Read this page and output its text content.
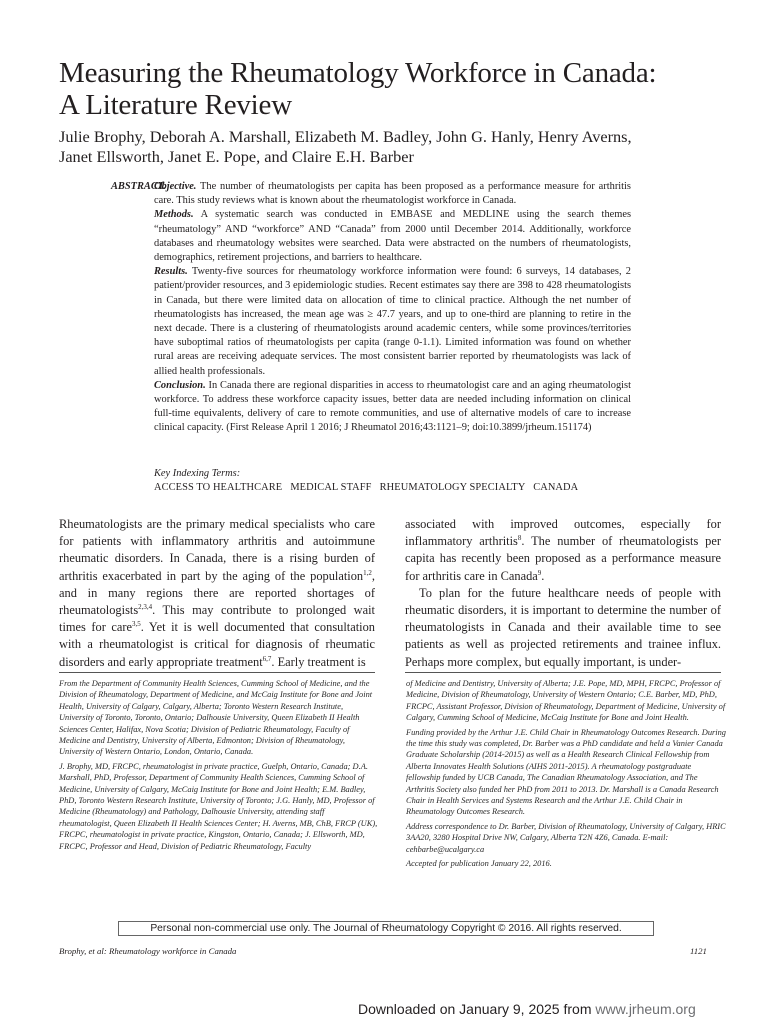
Measuring the Rheumatology Workforce in Canada:
A Literature Review

Julie Brophy, Deborah A. Marshall, Elizabeth M. Badley, John G. Hanly, Henry Averns,
Janet Ellsworth, Janet E. Pope, and Claire E.H. Barber

ABSTRACT.

Objective. The number of rheumatologists per capita has been proposed as a performance measure for arthritis care. This study reviews what is known about the rheumatologist workforce in Canada.

Methods. A systematic search was conducted in EMBASE and MEDLINE using the search themes “rheumatology” AND “workforce” AND “Canada” from 2000 until December 2014. Additionally, workforce databases and rheumatology websites were searched. Data were abstracted on the numbers of rheumatologists, demographics, retirement projections, and barriers to healthcare.

Results. Twenty-five sources for rheumatology workforce information were found: 6 surveys, 14 databases, 2 patient/provider resources, and 3 epidemiologic studies. Recent estimates say there are 398 to 428 rheumatologists in Canada, but there were limited data on allocation of time to clinical practice. Although the net number of rheumatologists has increased, the mean age was ≥ 47.7 years, and up to one-third are planning to retire in the next decade. There is a clustering of rheumatologists around academic centers, while some provinces/territories have suboptimal ratios of rheumatologists per capita (range 0-1.1). Limited information was found on whether rural areas are receiving adequate services. The most consistent barrier reported by rheumatologists was lack of allied health professionals.

Conclusion. In Canada there are regional disparities in access to rheumatologist care and an aging rheumatologist workforce. To address these workforce capacity issues, better data are needed including information on clinical full-time equivalents, delivery of care to remote communities, and use of alternative models of care to increase clinical capacity. (First Release April 1 2016; J Rheumatol 2016;43:1121–9; doi:10.3899/jrheum.151174)

Key Indexing Terms:
ACCESS TO HEALTHCARE   MEDICAL STAFF   RHEUMATOLOGY SPECIALTY   CANADA

Rheumatologists are the primary medical specialists who care for patients with inflammatory arthritis and autoimmune rheumatic disorders. In Canada, there is a rising burden of arthritis exacerbated in part by the aging of the population$^{1,2}$, and in many regions there are reported shortages of rheumatologists$^{2,3,4}$. This may contribute to prolonged wait times for care$^{3,5}$. Yet it is well documented that consultation with a rheumatologist is critical for diagnosis of rheumatic disorders and early appropriate treatment$^{6,7}$. Early treatment is

associated with improved outcomes, especially for inflammatory arthritis$^8$. The number of rheumatologists per capita has recently been proposed as a performance measure for arthritis care in Canada$^9$.

To plan for the future healthcare needs of people with rheumatic disorders, it is important to determine the number of rheumatologists in Canada and their available time to see patients as well as projected retirements and trainee influx. Perhaps more complex, but equally important, is under-

From the Department of Community Health Sciences, Cumming School of Medicine, and the Division of Rheumatology, Department of Medicine, and McCaig Institute for Bone and Joint Health, University of Calgary, Calgary, Alberta; Toronto Western Research Institute, University of Toronto, Toronto, Ontario; Dalhousie University, Queen Elizabeth II Health Sciences Center, Halifax, Nova Scotia; Division of Pediatric Rheumatology, Faculty of Medicine and Dentistry, University of Alberta, Edmonton; Division of Rheumatology, University of Western Ontario, London, Ontario, Canada.

J. Brophy, MD, FRCPC, rheumatologist in private practice, Guelph, Ontario, Canada; D.A. Marshall, PhD, Professor, Department of Community Health Sciences, Cumming School of Medicine, University of Calgary, McCaig Institute for Bone and Joint Health; E.M. Badley, PhD, Toronto Western Research Institute, University of Toronto; J.G. Hanly, MD, Professor of Medicine (Rheumatology) and Pathology, Dalhousie University, attending staff rheumatologist, Queen Elizabeth II Health Sciences Center; H. Averns, MB, ChB, FRCP (UK), FRCPC, rheumatologist in private practice, Kingston, Ontario, Canada; J. Ellsworth, MD, FRCPC, Professor and Head, Division of Pediatric Rheumatology, Faculty

of Medicine and Dentistry, University of Alberta; J.E. Pope, MD, MPH, FRCPC, Professor of Medicine, Division of Rheumatology, University of Western Ontario; C.E. Barber, MD, PhD, FRCPC, Assistant Professor, Division of Rheumatology, Department of Medicine, University of Calgary, Cumming School of Medicine, McCaig Institute for Bone and Joint Health.

Funding provided by the Arthur J.E. Child Chair in Rheumatology Outcomes Research. During the time this study was completed, Dr. Barber was a PhD candidate and held a Vanier Canada Graduate Scholarship (2014-2015) as well as a Health Research Clinical Fellowship from Alberta Innovates Health Solutions (AIHS 2011-2015). A rheumatology postgraduate fellowship funded by UCB Canada, The Canadian Rheumatology Association, and The Arthritis Society also funded her PhD from 2011 to 2013. Dr. Marshall is a Canada Research Chair in Health Services and Systems Research and the Arthur J.E. Child Chair in Rheumatology Outcomes Research.

Address correspondence to Dr. Barber, Division of Rheumatology, University of Calgary, HRIC 3AA20, 3280 Hospital Drive NW, Calgary, Alberta T2N 4Z6, Canada. E-mail: cehbarbe@ucalgary.ca

Accepted for publication January 22, 2016.

Personal non-commercial use only. The Journal of Rheumatology Copyright © 2016. All rights reserved.
Brophy, et al: Rheumatology workforce in Canada	1121
Downloaded on January 9, 2025 from www.jrheum.org
